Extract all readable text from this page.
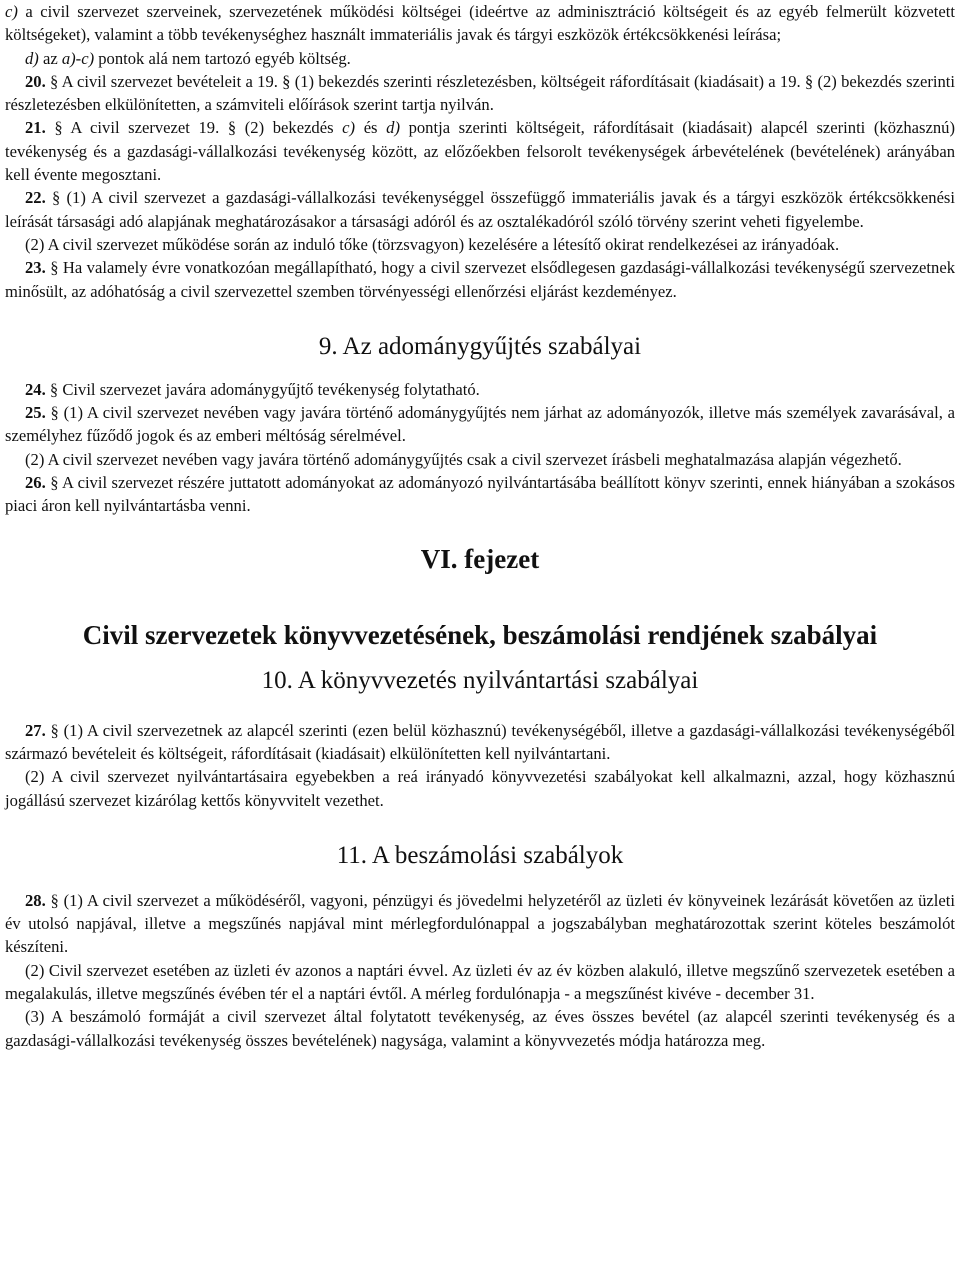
c) a civil szervezet szerveinek, szervezetének működési költségei (ideértve az adminisztráció költségeit és az egyéb felmerült közvetett költségeket), valamint a több tevékenységhez használt immateriális javak és tárgyi eszközök értékcsökkenési leírása;

d) az a)-c) pontok alá nem tartozó egyéb költség.

20. § A civil szervezet bevételeit a 19. § (1) bekezdés szerinti részletezésben, költségeit ráfordításait (kiadásait) a 19. § (2) bekezdés szerinti részletezésben elkülönítetten, a számviteli előírások szerint tartja nyilván.

21. § A civil szervezet 19. § (2) bekezdés c) és d) pontja szerinti költségeit, ráfordításait (kiadásait) alapcél szerinti (közhasznú) tevékenység és a gazdasági-vállalkozási tevékenység között, az előzőekben felsorolt tevékenységek árbevételének (bevételének) arányában kell évente megosztani.

22. § (1) A civil szervezet a gazdasági-vállalkozási tevékenységgel összefüggő immateriális javak és a tárgyi eszközök értékcsökkenési leírását társasági adó alapjának meghatározásakor a társasági adóról és az osztalékadóról szóló törvény szerint veheti figyelembe.

(2) A civil szervezet működése során az induló tőke (törzsvagyon) kezelésére a létesítő okirat rendelkezései az irányadóak.

23. § Ha valamely évre vonatkozóan megállapítható, hogy a civil szervezet elsődlegesen gazdasági-vállalkozási tevékenységű szervezetnek minősült, az adóhatóság a civil szervezettel szemben törvényességi ellenőrzési eljárást kezdeményez.

9. Az adománygyűjtés szabályai

24. § Civil szervezet javára adománygyűjtő tevékenység folytatható.

25. § (1) A civil szervezet nevében vagy javára történő adománygyűjtés nem járhat az adományozók, illetve más személyek zavarásával, a személyhez fűződő jogok és az emberi méltóság sérelmével.

(2) A civil szervezet nevében vagy javára történő adománygyűjtés csak a civil szervezet írásbeli meghatalmazása alapján végezhető.

26. § A civil szervezet részére juttatott adományokat az adományozó nyilvántartásába beállított könyv szerinti, ennek hiányában a szokásos piaci áron kell nyilvántartásba venni.

VI. fejezet
Civil szervezetek könyvvezetésének, beszámolási rendjének szabályai
10. A könyvvezetés nyilvántartási szabályai

27. § (1) A civil szervezetnek az alapcél szerinti (ezen belül közhasznú) tevékenységéből, illetve a gazdasági-vállalkozási tevékenységéből származó bevételeit és költségeit, ráfordításait (kiadásait) elkülönítetten kell nyilvántartani.

(2) A civil szervezet nyilvántartásaira egyebekben a reá irányadó könyvvezetési szabályokat kell alkalmazni, azzal, hogy közhasznú jogállású szervezet kizárólag kettős könyvvitelt vezethet.

11. A beszámolási szabályok

28. § (1) A civil szervezet a működéséről, vagyoni, pénzügyi és jövedelmi helyzetéről az üzleti év könyveinek lezárását követően az üzleti év utolsó napjával, illetve a megszűnés napjával mint mérlegfordulónappal a jogszabályban meghatározottak szerint köteles beszámolót készíteni.

(2) Civil szervezet esetében az üzleti év azonos a naptári évvel. Az üzleti év az év közben alakuló, illetve megszűnő szervezetek esetében a megalakulás, illetve megszűnés évében tér el a naptári évtől. A mérleg fordulónapja - a megszűnést kivéve - december 31.

(3) A beszámoló formáját a civil szervezet által folytatott tevékenység, az éves összes bevétel (az alapcél szerinti tevékenység és a gazdasági-vállalkozási tevékenység összes bevételének) nagysága, valamint a könyvvezetés módja határozza meg.
